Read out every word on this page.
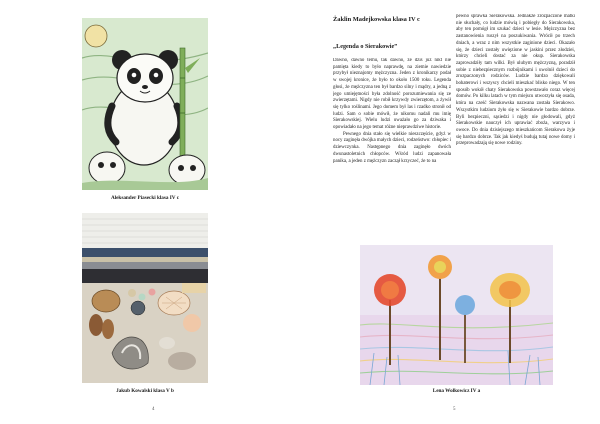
Aleksander Piasecki klasa IV c
Jakub Kowalski klasa V b
4
Żaklin Madejkowska klasa IV c
„Legenda o Sierakowie”

Dawno, dawno temu, tak dawno, że dziś już nikt nie pamięta kiedy to było naprawdę, na ziemie nawiedzie przybył nieznajomy mężczyzna. Jeden z kronikarzy podał w swojej kronice, że było to około 1500 roku. Legenda głosi, że mężczyzna ten był bardzo silny i mądry, a jedną z jego umiejętności była zdolność porozumiewania się ze zwierzętami. Nigdy nie robił krzywdy zwierzętom, a żywił się tylko roślinami. Jego domem był las i rzadko stronił od ludzi. Sam o sobie mówił, że nikomu nadali mu imię Sierakowskiej. Wielu ludzi uważało go za dziwaka i opowiadało na jego temat różne nieprawdziwe historie.

Pewnego dnia stało się wielkie nieszczęście, gdyż w nocy zaginęła dwójka małych dzieci, rodzeństwo: chłopiec i dziewczynka. Następnego dnia zaginęło dwóch dwunastoletnich chłopców. Wśród ludzi zapanowała panika, a jeden z mężczyzn zaczął krzyczeć, że to na

pewno sprawka Sierakowska. Jednakże zrozpaczone matki nie słuchały, co ludzie mówią i pobiegły do Sierakowska, aby ten pomógł im szukać dzieci w lesie. Mężczyzna bez zastanowienia ruszył na poszukiwania. Wrócił po trzech dniach, a wraz z nim wszystkie zaginione dzieci. Okazało się, że dzieci zostały uwięzione w jaskini przez złodziei, którzy chcieli dostać za nie okup. Sierakowska zaprowadziły tam wilki. Był ulubym mężczyzną, poradził sobie z niebezpiecznym rozbójnikami i uwolnił dzieci do zrozpaczonych rodziców. Ludzie bardzo dziękowali bohaterowi i wszyscy chcieli mieszkać blisko niego. W ten sposób wokół chaty Sierakowska powstawało coraz więcej domów. Po kilku latach w tym miejscu utworzyła się osada, która na cześć Sierakowska nazwana została Sierakowo. Wszystkim ludziom żyło się w Sierakowie bardzo dobrze. Byli bezpieczni, sąsiedzi i nigdy nie głodowali, gdyż Sierakowskie nauczył ich uprawiać zboża, warzywa i owoce. Do dnia dzisiejszego mieszkańcom Sierakowa żyje się bardzo dobrze. Tak jak kiedyś budują tutaj nowe domy i przeprowadzają się nowe rodziny.

Lena Wolkowicz IV a
5
